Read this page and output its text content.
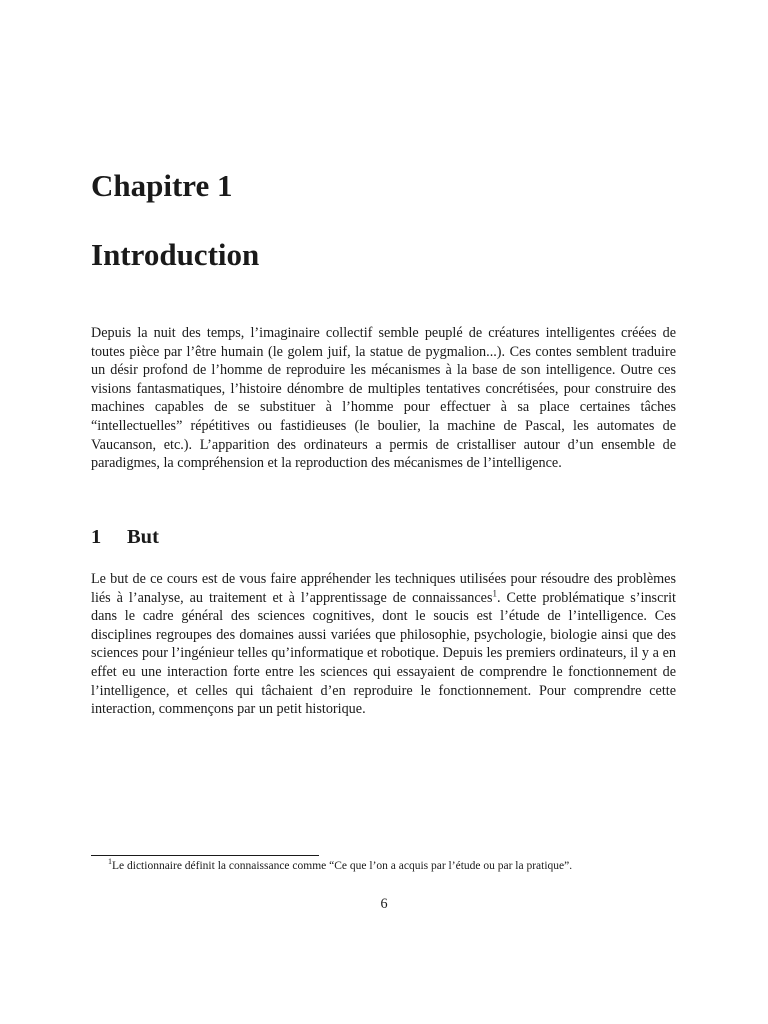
Chapitre 1
Introduction

Depuis la nuit des temps, l’imaginaire collectif semble peuplé de créatures intelligentes créées de toutes pièce par l’être humain (le golem juif, la statue de pygmalion...). Ces contes semblent traduire un désir profond de l’homme de reproduire les mécanismes à la base de son intelligence. Outre ces visions fantasmatiques, l’histoire dénombre de multiples tentatives concrétisées, pour construire des machines capables de se substituer à l’homme pour effectuer à sa place certaines tâches “intellectuelles” répétitives ou fastidieuses (le boulier, la machine de Pascal, les automates de Vaucanson, etc.). L’apparition des ordinateurs a permis de cristalliser autour d’un ensemble de paradigmes, la compréhension et la reproduction des mécanismes de l’intelligence.

1 But

Le but de ce cours est de vous faire appréhender les techniques utilisées pour résoudre des problèmes liés à l’analyse, au traitement et à l’apprentissage de connaissances$^1$. Cette problématique s’inscrit dans le cadre général des sciences cognitives, dont le soucis est l’étude de l’intelligence. Ces disciplines regroupes des domaines aussi variées que philosophie, psychologie, biologie ainsi que des sciences pour l’ingénieur telles qu’informatique et robotique. Depuis les premiers ordinateurs, il y a en effet eu une interaction forte entre les sciences qui essayaient de comprendre le fonctionnement de l’intelligence, et celles qui tâchaient d’en reproduire le fonctionnement. Pour comprendre cette interaction, commençons par un petit historique.

$^1$Le dictionnaire définit la connaissance comme “Ce que l’on a acquis par l’étude ou par la pratique”.

6
